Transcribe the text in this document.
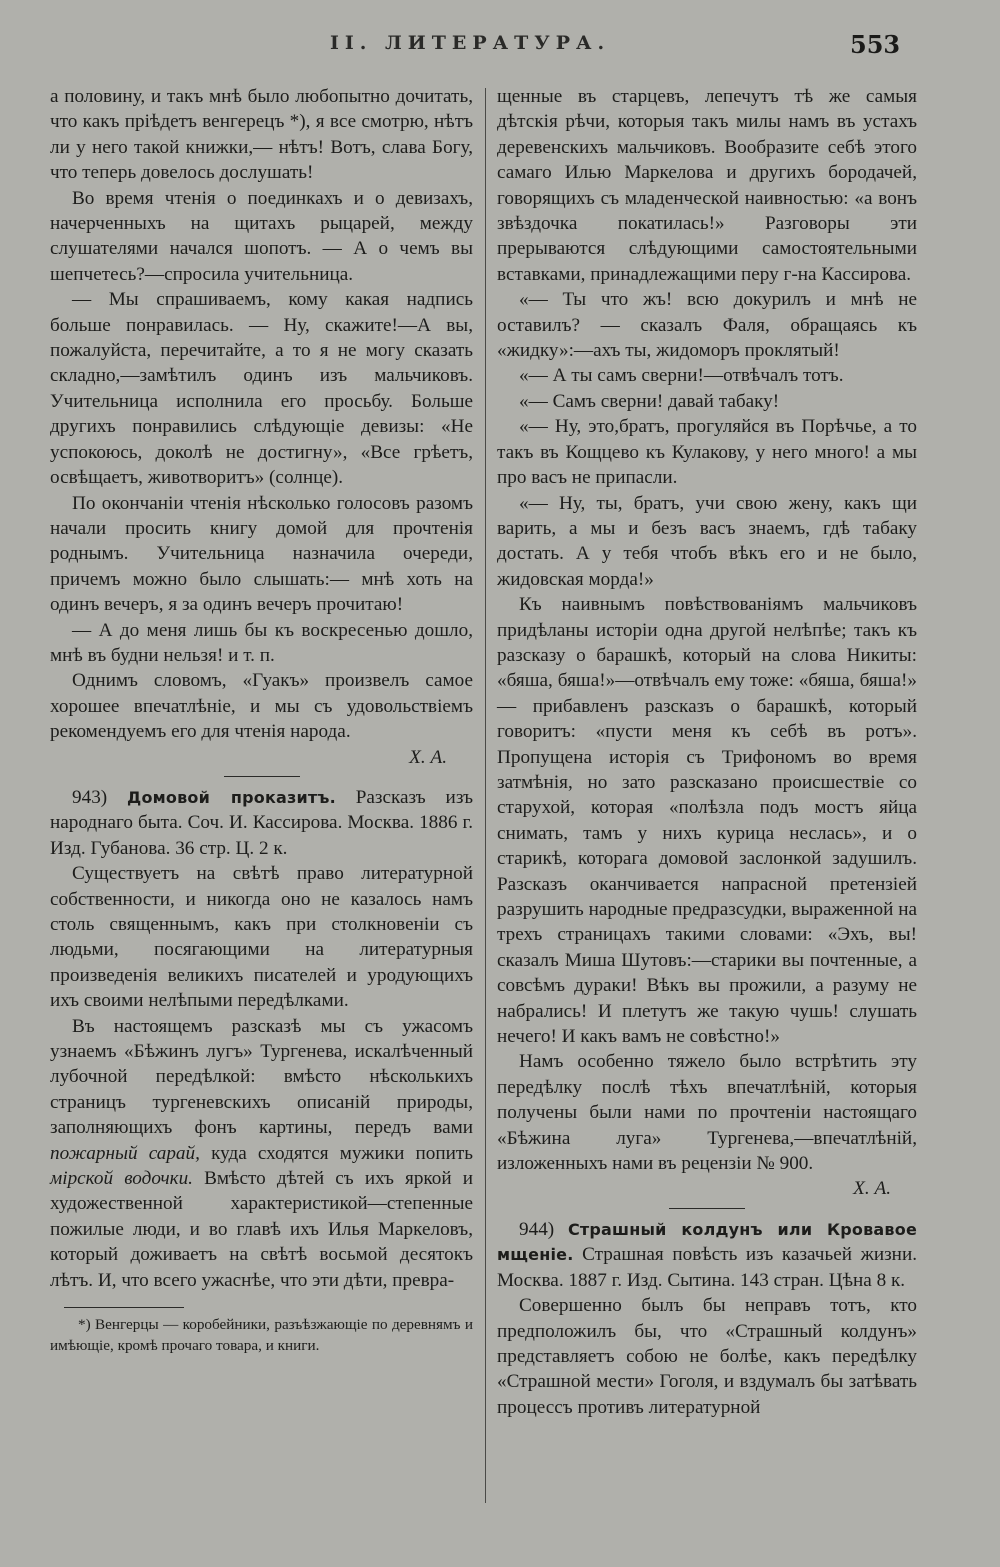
II. ЛИТЕРАТУРА.	553

а половину, и такъ мнѣ было любопытно дочитать, что какъ пріѣдетъ венгерецъ *), я все смотрю, нѣтъ ли у него такой книжки,— нѣтъ! Вотъ, слава Богу, что теперь довелось дослушать!

Во время чтенія о поединкахъ и о девизахъ, начерченныхъ на щитахъ рыцарей, между слушателями начался шопотъ. — А о чемъ вы шепчетесь?—спросила учительница.

— Мы спрашиваемъ, кому какая надпись больше понравилась. — Ну, скажите!—А вы, пожалуйста, перечитайте, а то я не могу сказать складно,—замѣтилъ одинъ изъ мальчиковъ. Учительница исполнила его просьбу. Больше другихъ понравились слѣдующіе девизы: «Не успокоюсь, доколѣ не достигну», «Все грѣетъ, освѣщаетъ, животворитъ» (солнце).

По окончаніи чтенія нѣсколько голосовъ разомъ начали просить книгу домой для прочтенія роднымъ. Учительница назначила очереди, причемъ можно было слышать:— мнѣ хоть на одинъ вечеръ, я за одинъ вечеръ прочитаю!

— А до меня лишь бы къ воскресенью дошло, мнѣ въ будни нельзя! и т. п.

Однимъ словомъ, «Гуакъ» произвелъ самое хорошее впечатлѣніе, и мы съ удовольствіемъ рекомендуемъ его для чтенія народа.

Х. А.

943) Домовой проказитъ. Разсказъ изъ народнаго быта. Соч. И. Кассирова. Москва. 1886 г. Изд. Губанова. 36 стр. Ц. 2 к.

Существуетъ на свѣтѣ право литературной собственности, и никогда оно не казалось намъ столь священнымъ, какъ при столкновеніи съ людьми, посягающими на литературныя произведенія великихъ писателей и уродующихъ ихъ своими нелѣпыми передѣлками.

Въ настоящемъ разсказѣ мы съ ужасомъ узнаемъ «Бѣжинъ лугъ» Тургенева, искалѣченный лубочной передѣлкой: вмѣсто нѣсколькихъ страницъ тургеневскихъ описаній природы, заполняющихъ фонъ картины, передъ вами пожарный сарай, куда сходятся мужики попить мірской водочки. Вмѣсто дѣтей съ ихъ яркой и художественной характеристикой—степенные пожилые люди, и во главѣ ихъ Илья Маркеловъ, который доживаетъ на свѣтѣ восьмой десятокъ лѣтъ. И, что всего ужаснѣе, что эти дѣти, превра-

*) Венгерцы — коробейники, разъѣзжающіе по деревнямъ и имѣющіе, кромѣ прочаго товара, и книги.

щенные въ старцевъ, лепечутъ тѣ же самыя дѣтскія рѣчи, которыя такъ милы намъ въ устахъ деревенскихъ мальчиковъ. Вообразите себѣ этого самаго Илью Маркелова и другихъ бородачей, говорящихъ съ младенческой наивностью: «а вонъ звѣздочка покатилась!» Разговоры эти прерываются слѣдующими самостоятельными вставками, принадлежащими перу г-на Кассирова.

«— Ты что жъ! всю докурилъ и мнѣ не оставилъ? — сказалъ Фаля, обращаясь къ «жидку»:—ахъ ты, жидоморъ проклятый!

«— А ты самъ сверни!—отвѣчалъ тотъ.

«— Самъ сверни! давай табаку!

«— Ну, это,братъ, прогуляйся въ Порѣчье, а то такъ въ Кощцево къ Кулакову, у него много! а мы про васъ не припасли.

«— Ну, ты, братъ, учи свою жену, какъ щи варить, а мы и безъ васъ знаемъ, гдѣ табаку достать. А у тебя чтобъ вѣкъ его и не было, жидовская морда!»

Къ наивнымъ повѣствованіямъ мальчиковъ придѣланы исторіи одна другой нелѣпѣе; такъ къ разсказу о барашкѣ, который на слова Никиты: «бяша, бяша!»—отвѣчалъ ему тоже: «бяша, бяша!» — прибавленъ разсказъ о барашкѣ, который говоритъ: «пусти меня къ себѣ въ ротъ». Пропущена исторія съ Трифономъ во время затмѣнія, но зато разсказано происшествіе со старухой, которая «полѣзла подъ мостъ яйца снимать, тамъ у нихъ курица неслась», и о старикѣ, которага домовой заслонкой задушилъ. Разсказъ оканчивается напрасной претензіей разрушить народные предразсудки, выраженной на трехъ страницахъ такими словами: «Эхъ, вы! сказалъ Миша Шутовъ:—старики вы почтенные, а совсѣмъ дураки! Вѣкъ вы прожили, а разуму не набрались! И плетутъ же такую чушь! слушать нечего! И какъ вамъ не совѣстно!»

Намъ особенно тяжело было встрѣтить эту передѣлку послѣ тѣхъ впечатлѣній, которыя получены были нами по прочтеніи настоящаго «Бѣжина луга» Тургенева,—впечатлѣній, изложенныхъ нами въ рецензіи № 900.

Х. А.

944) Страшный колдунъ или Кровавое мщеніе. Страшная повѣсть изъ казачьей жизни. Москва. 1887 г. Изд. Сытина. 143 стран. Цѣна 8 к.

Совершенно былъ бы неправъ тотъ, кто предположилъ бы, что «Страшный колдунъ» представляетъ собою не болѣе, какъ передѣлку «Страшной мести» Гоголя, и вздумалъ бы затѣвать процессъ противъ литературной
